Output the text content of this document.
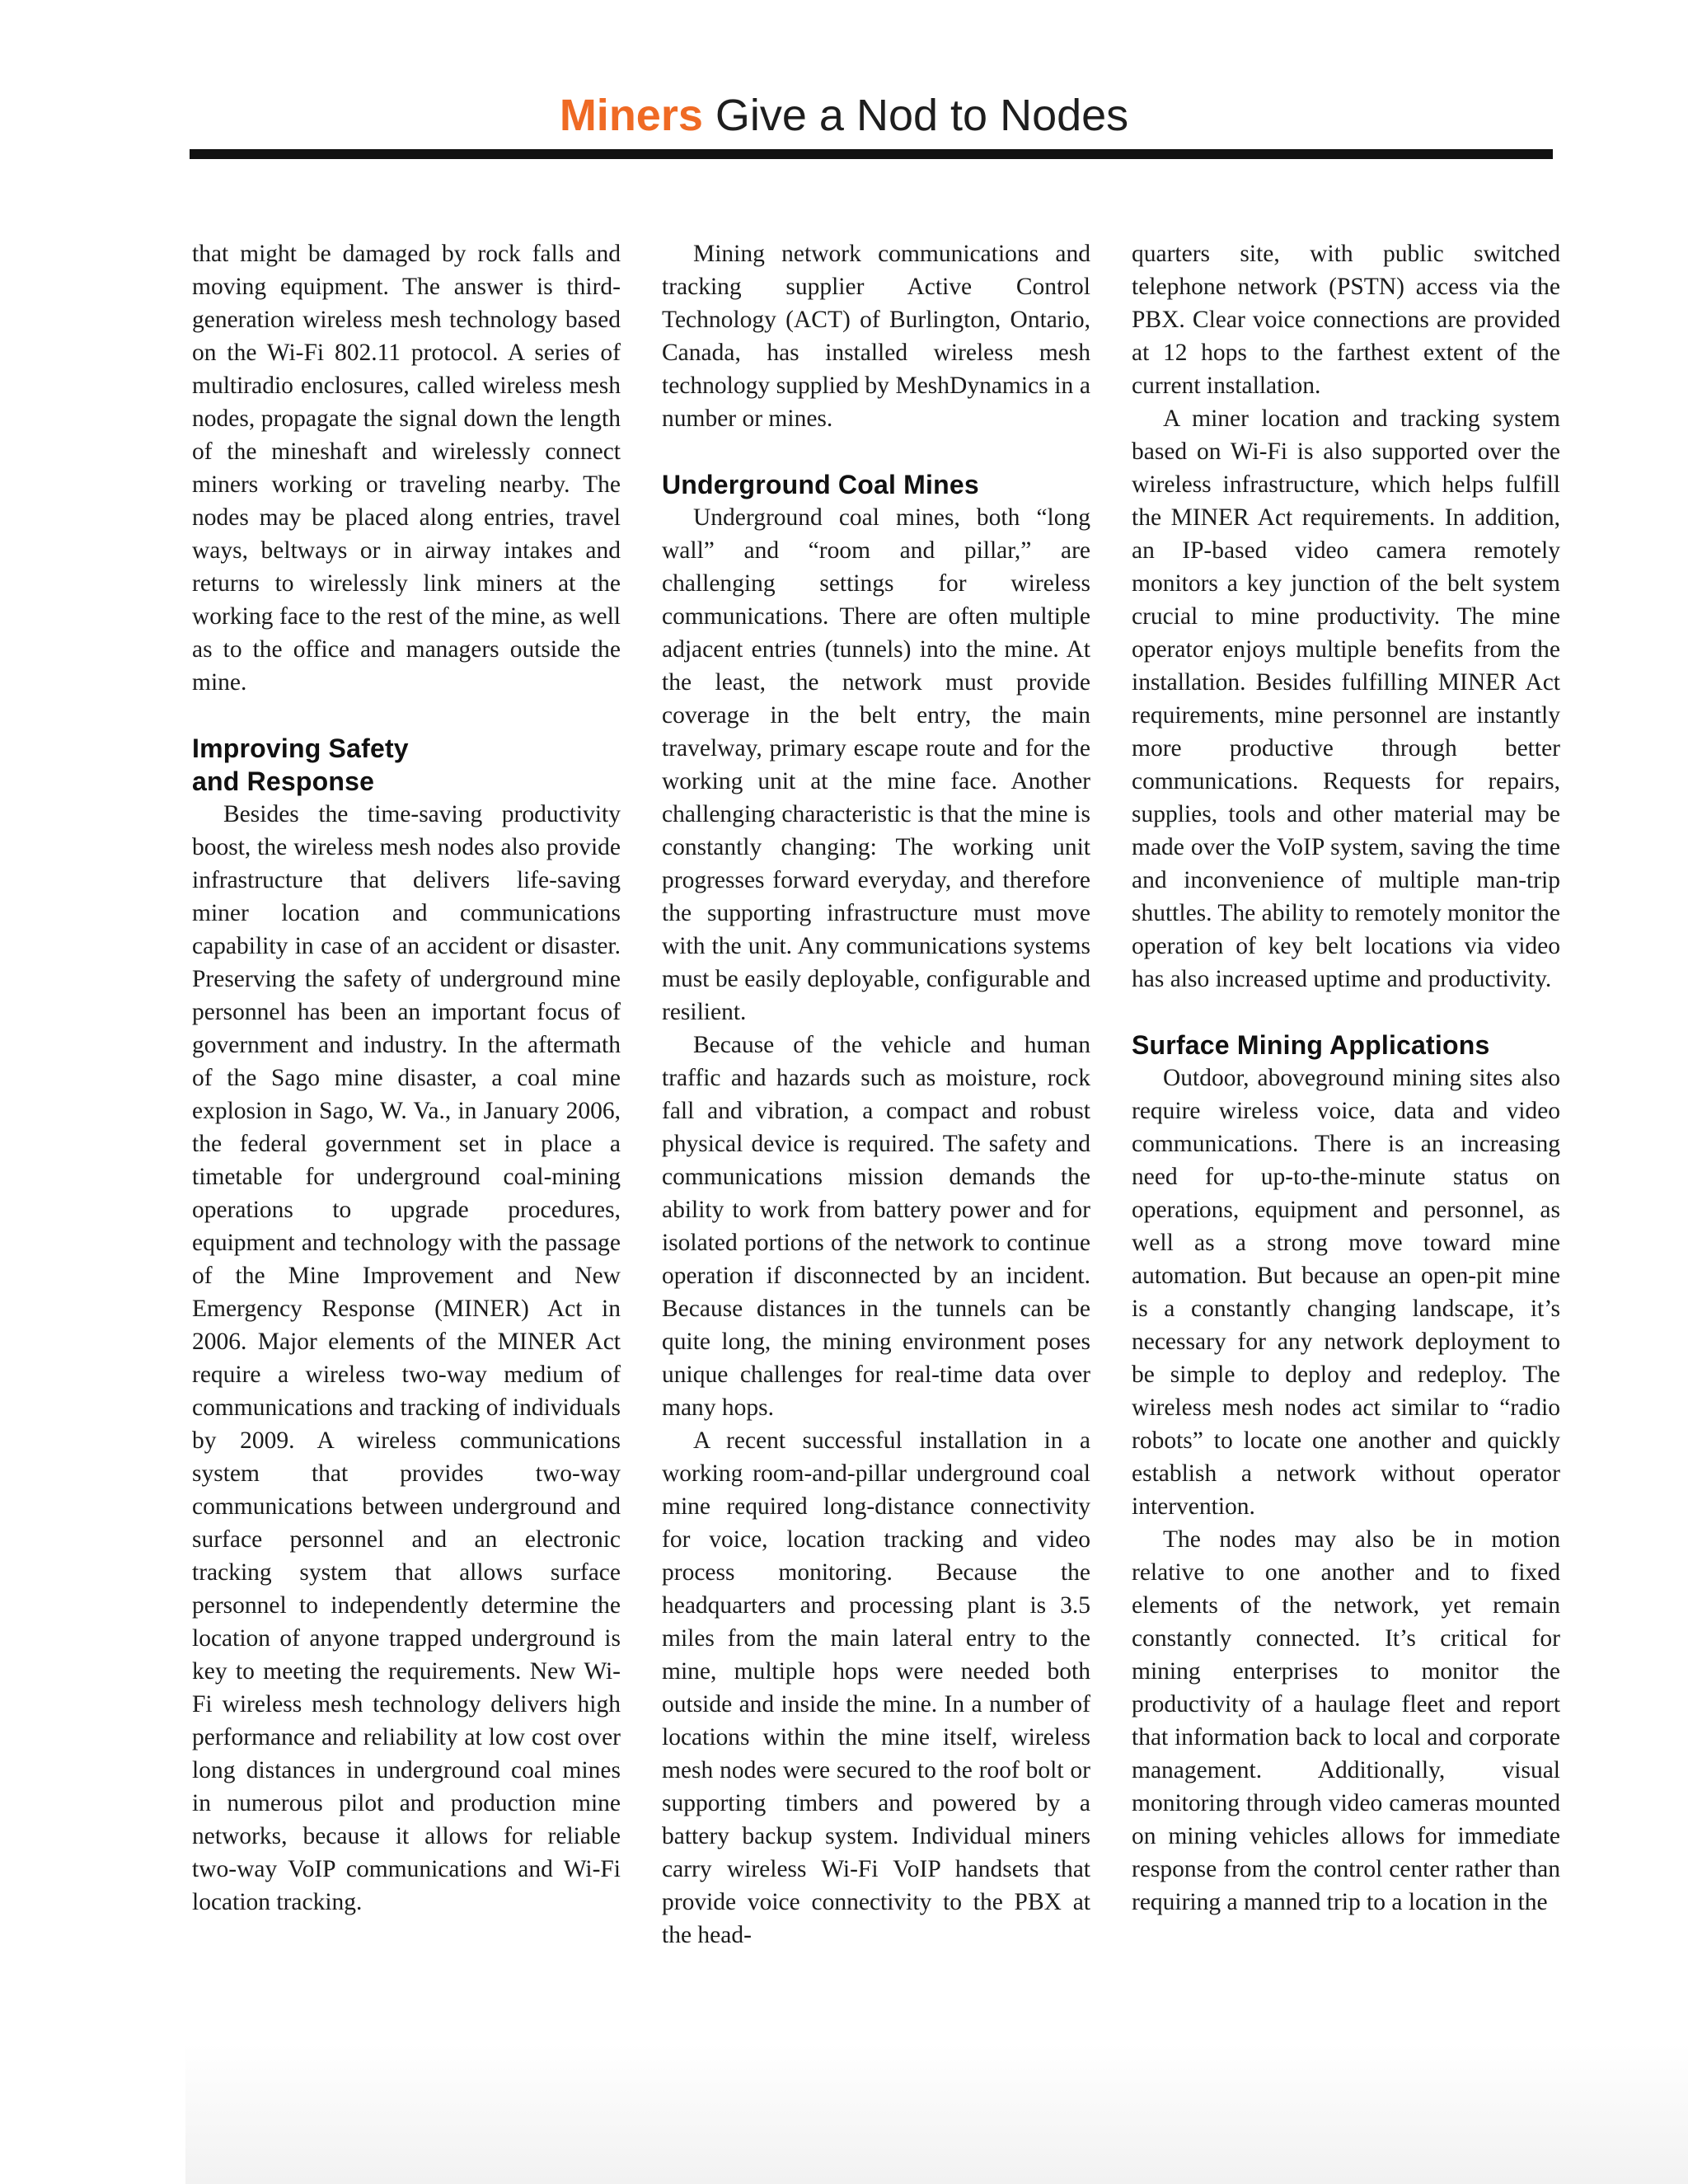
Miners Give a Nod to Nodes

that might be damaged by rock falls and moving equipment. The answer is third-generation wireless mesh technology based on the Wi-Fi 802.11 protocol. A series of multiradio enclosures, called wireless mesh nodes, propagate the signal down the length of the mineshaft and wirelessly connect miners working or traveling nearby. The nodes may be placed along entries, travel ways, beltways or in airway intakes and returns to wirelessly link miners at the working face to the rest of the mine, as well as to the office and managers outside the mine.

Improving Safety
and Response

Besides the time-saving productivity boost, the wireless mesh nodes also provide infrastructure that delivers life-saving miner location and communications capability in case of an accident or disaster. Preserving the safety of underground mine personnel has been an important focus of government and industry. In the aftermath of the Sago mine disaster, a coal mine explosion in Sago, W. Va., in January 2006, the federal government set in place a timetable for underground coal-mining operations to upgrade procedures, equipment and technology with the passage of the Mine Improvement and New Emergency Response (MINER) Act in 2006. Major elements of the MINER Act require a wireless two-way medium of communications and tracking of individuals by 2009. A wireless communications system that provides two-way communications between underground and surface personnel and an electronic tracking system that allows surface personnel to independently determine the location of anyone trapped underground is key to meeting the requirements. New Wi-Fi wireless mesh technology delivers high performance and reliability at low cost over long distances in underground coal mines in numerous pilot and production mine networks, because it allows for reliable two-way VoIP communications and Wi-Fi location tracking.

Mining network communications and tracking supplier Active Control Technology (ACT) of Burlington, Ontario, Canada, has installed wireless mesh technology supplied by MeshDynamics in a number or mines.

Underground Coal Mines

Underground coal mines, both “long wall” and “room and pillar,” are challenging settings for wireless communications. There are often multiple adjacent entries (tunnels) into the mine. At the least, the network must provide coverage in the belt entry, the main travelway, primary escape route and for the working unit at the mine face. Another challenging characteristic is that the mine is constantly changing: The working unit progresses forward everyday, and therefore the supporting infrastructure must move with the unit. Any communications systems must be easily deployable, configurable and resilient.

Because of the vehicle and human traffic and hazards such as moisture, rock fall and vibration, a compact and robust physical device is required. The safety and communications mission demands the ability to work from battery power and for isolated portions of the network to continue operation if disconnected by an incident. Because distances in the tunnels can be quite long, the mining environment poses unique challenges for real-time data over many hops.

A recent successful installation in a working room-and-pillar underground coal mine required long-distance connectivity for voice, location tracking and video process monitoring. Because the headquarters and processing plant is 3.5 miles from the main lateral entry to the mine, multiple hops were needed both outside and inside the mine. In a number of locations within the mine itself, wireless mesh nodes were secured to the roof bolt or supporting timbers and powered by a battery backup system. Individual miners carry wireless Wi-Fi VoIP handsets that provide voice connectivity to the PBX at the head-

quarters site, with public switched telephone network (PSTN) access via the PBX. Clear voice connections are provided at 12 hops to the farthest extent of the current installation.

A miner location and tracking system based on Wi-Fi is also supported over the wireless infrastructure, which helps fulfill the MINER Act requirements. In addition, an IP-based video camera remotely monitors a key junction of the belt system crucial to mine productivity. The mine operator enjoys multiple benefits from the installation. Besides fulfilling MINER Act requirements, mine personnel are instantly more productive through better communications. Requests for repairs, supplies, tools and other material may be made over the VoIP system, saving the time and inconvenience of multiple man-trip shuttles. The ability to remotely monitor the operation of key belt locations via video has also increased uptime and productivity.

Surface Mining Applications

Outdoor, aboveground mining sites also require wireless voice, data and video communications. There is an increasing need for up-to-the-minute status on operations, equipment and personnel, as well as a strong move toward mine automation. But because an open-pit mine is a constantly changing landscape, it’s necessary for any network deployment to be simple to deploy and redeploy. The wireless mesh nodes act similar to “radio robots” to locate one another and quickly establish a network without operator intervention.

The nodes may also be in motion relative to one another and to fixed elements of the network, yet remain constantly connected. It’s critical for mining enterprises to monitor the productivity of a haulage fleet and report that information back to local and corporate management. Additionally, visual monitoring through video cameras mounted on mining vehicles allows for immediate response from the control center rather than requiring a manned trip to a location in the
